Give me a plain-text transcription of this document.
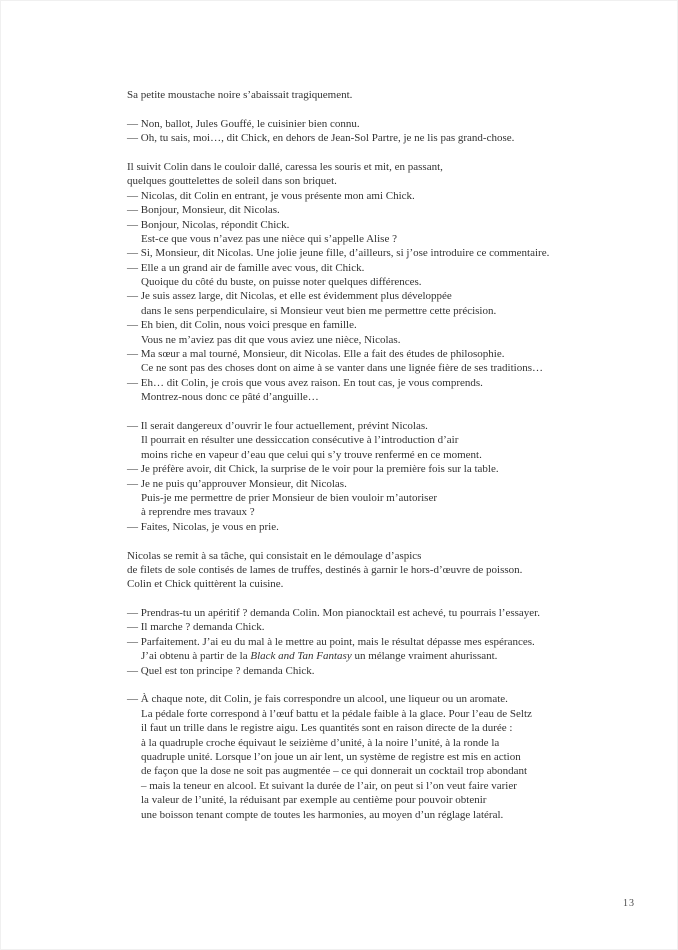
Sa petite moustache noire s’abaissait tragiquement.
— Non, ballot, Jules Gouffé, le cuisinier bien connu.
— Oh, tu sais, moi…, dit Chick, en dehors de Jean-Sol Partre, je ne lis pas grand-chose.
Il suivit Colin dans le couloir dallé, caressa les souris et mit, en passant,
quelques gouttelettes de soleil dans son briquet.
— Nicolas, dit Colin en entrant, je vous présente mon ami Chick.
— Bonjour, Monsieur, dit Nicolas.
— Bonjour, Nicolas, répondit Chick.
Est-ce que vous n’avez pas une nièce qui s’appelle Alise ?
— Si, Monsieur, dit Nicolas. Une jolie jeune fille, d’ailleurs, si j’ose introduire ce commentaire.
— Elle a un grand air de famille avec vous, dit Chick.
Quoique du côté du buste, on puisse noter quelques différences.
— Je suis assez large, dit Nicolas, et elle est évidemment plus développée
dans le sens perpendiculaire, si Monsieur veut bien me permettre cette précision.
— Eh bien, dit Colin, nous voici presque en famille.
Vous ne m’aviez pas dit que vous aviez une nièce, Nicolas.
— Ma sœur a mal tourné, Monsieur, dit Nicolas. Elle a fait des études de philosophie.
Ce ne sont pas des choses dont on aime à se vanter dans une lignée fière de ses traditions…
— Eh… dit Colin, je crois que vous avez raison. En tout cas, je vous comprends.
Montrez-nous donc ce pâté d’anguille…
— Il serait dangereux d’ouvrir le four actuellement, prévint Nicolas.
Il pourrait en résulter une dessiccation consécutive à l’introduction d’air
moins riche en vapeur d’eau que celui qui s’y trouve renfermé en ce moment.
— Je préfère avoir, dit Chick, la surprise de le voir pour la première fois sur la table.
— Je ne puis qu’approuver Monsieur, dit Nicolas.
Puis-je me permettre de prier Monsieur de bien vouloir m’autoriser
à reprendre mes travaux ?
— Faites, Nicolas, je vous en prie.
Nicolas se remit à sa tâche, qui consistait en le démoulage d’aspics
de filets de sole contisés de lames de truffes, destinés à garnir le hors-d’œuvre de poisson.
Colin et Chick quittèrent la cuisine.
— Prendras-tu un apéritif ? demanda Colin. Mon pianocktail est achevé, tu pourrais l’essayer.
— Il marche ? demanda Chick.
— Parfaitement. J’ai eu du mal à le mettre au point, mais le résultat dépasse mes espérances.
J’ai obtenu à partir de la Black and Tan Fantasy un mélange vraiment ahurissant.
— Quel est ton principe ? demanda Chick.
— À chaque note, dit Colin, je fais correspondre un alcool, une liqueur ou un aromate.
La pédale forte correspond à l’œuf battu et la pédale faible à la glace. Pour l’eau de Seltz
il faut un trille dans le registre aigu. Les quantités sont en raison directe de la durée :
à la quadruple croche équivaut le seizième d’unité, à la noire l’unité, à la ronde la
quadruple unité. Lorsque l’on joue un air lent, un système de registre est mis en action
de façon que la dose ne soit pas augmentée – ce qui donnerait un cocktail trop abondant
– mais la teneur en alcool. Et suivant la durée de l’air, on peut si l’on veut faire varier
la valeur de l’unité, la réduisant par exemple au centième pour pouvoir obtenir
une boisson tenant compte de toutes les harmonies, au moyen d’un réglage latéral.
13
